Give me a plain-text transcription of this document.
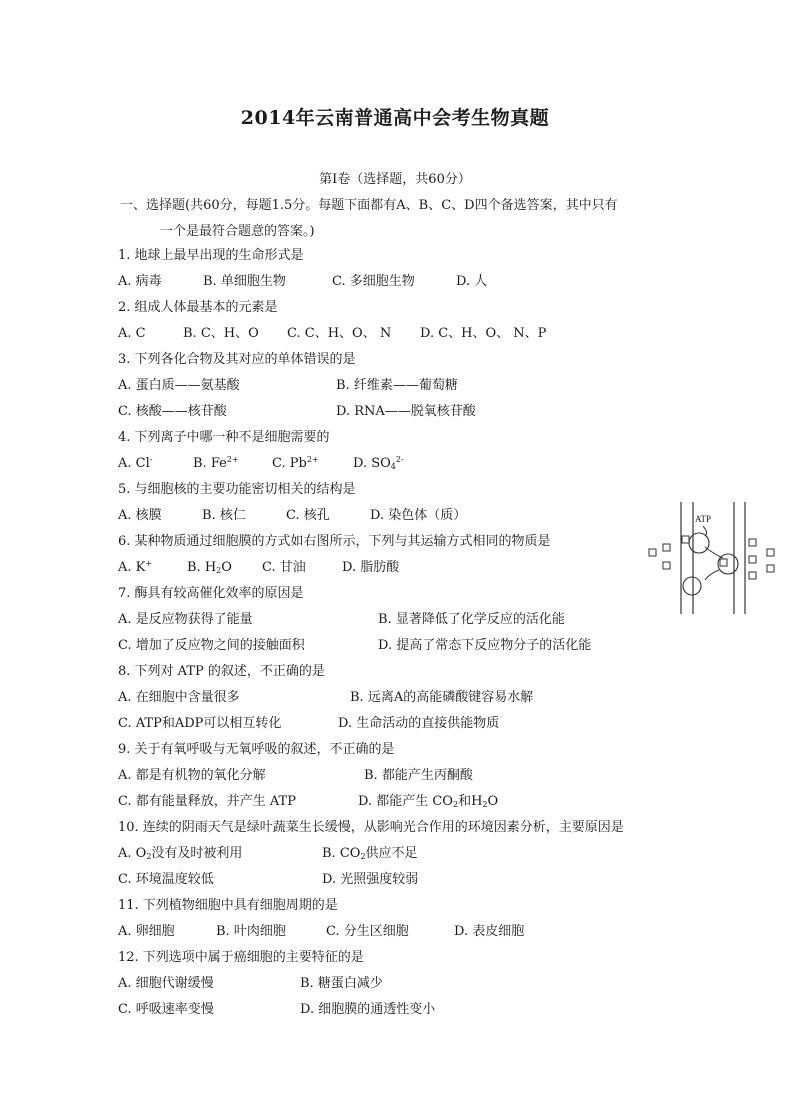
2014年云南普通高中会考生物真题
第Ⅰ卷（选择题，共60分）
一、选择题(共60分，每题1.5分。每题下面都有A、B、C、D四个备选答案，其中只有
一个是最符合题意的答案。)
1. 地球上最早出现的生命形式是
A. 病毒	B. 单细胞生物	C. 多细胞生物	D. 人
2. 组成人体最基本的元素是
A. C	B. C、H、O C. C、H、O、 N D. C、H、O、 N、P
3. 下列各化合物及其对应的单体错误的是
A. 蛋白质——氨基酸	B. 纤维素——葡萄糖
C. 核酸——核苷酸	D. RNA——脱氧核苷酸
4. 下列离子中哪一种不是细胞需要的
A. Cl-	B. $Fe^{2+}$	C. $Pb^{2+}$	D. $SO_4^{2-}$
5. 与细胞核的主要功能密切相关的结构是
A. 核膜	B. 核仁	C. 核孔	D. 染色体（质）
6. 某种物质通过细胞膜的方式如右图所示，下列与其运输方式相同的物质是
A. K+	B. $H_2O$ C. 甘油	D. 脂肪酸
ATP
7. 酶具有较高催化效率的原因是
A. 是反应物获得了能量	B. 显著降低了化学反应的活化能
C. 增加了反应物之间的接触面积	D. 提高了常态下反应物分子的活化能
8. 下列对 ATP 的叙述，不正确的是
A. 在细胞中含量很多	B. 远离A的高能磷酸键容易水解
C. ATP和ADP可以相互转化	D. 生命活动的直接供能物质
9. 关于有氧呼吸与无氧呼吸的叙述，不正确的是
A. 都是有机物的氧化分解	B. 都能产生丙酮酸
C. 都有能量释放，并产生 ATP	D. 都能产生 $CO_2$和$H_2O$
10. 连续的阴雨天气是绿叶蔬菜生长缓慢，从影响光合作用的环境因素分析，主要原因是
A. $O_2$没有及时被利用	B. $CO_2$供应不足
C. 环境温度较低	D. 光照强度较弱
11. 下列植物细胞中具有细胞周期的是
A. 卵细胞	B. 叶肉细胞	C. 分生区细胞	D. 表皮细胞
12. 下列选项中属于癌细胞的主要特征的是
A. 细胞代谢缓慢	B. 糖蛋白减少
C. 呼吸速率变慢	D. 细胞膜的通透性变小
